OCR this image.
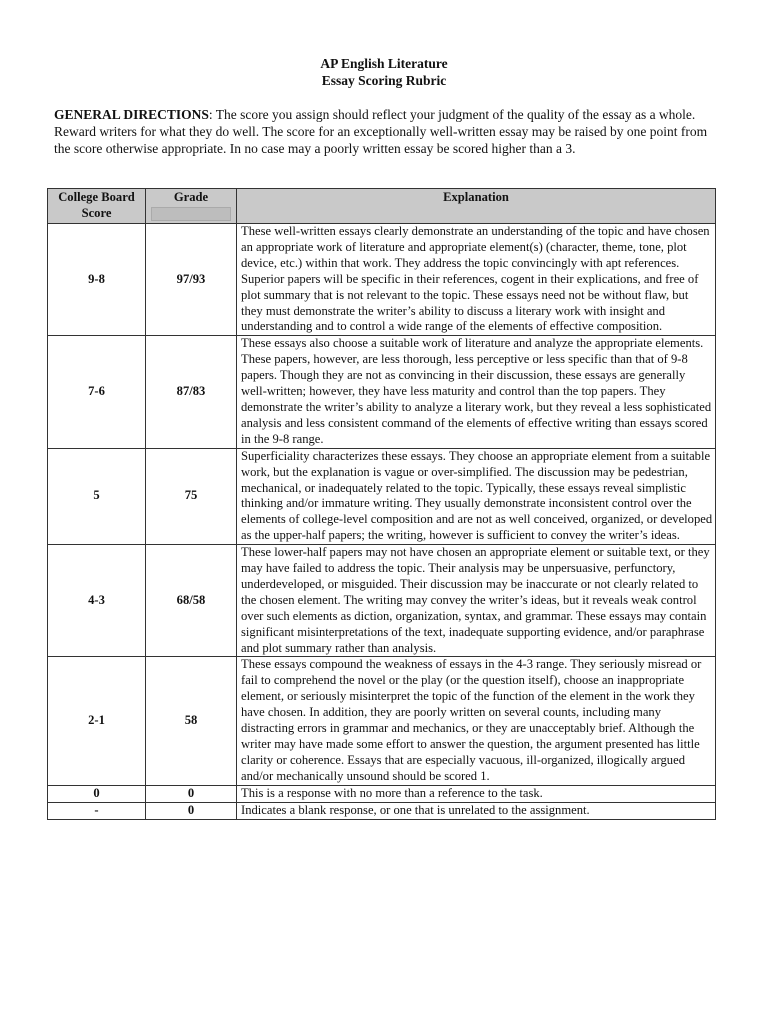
AP English Literature
Essay Scoring Rubric

GENERAL DIRECTIONS: The score you assign should reflect your judgment of the quality of the essay as a whole. Reward writers for what they do well. The score for an exceptionally well-written essay may be raised by one point from the score otherwise appropriate. In no case may a poorly written essay be scored higher than a 3.

College Board Score	Grade	Explanation

9-8	97/93	These well-written essays clearly demonstrate an understanding of the topic and have chosen an appropriate work of literature and appropriate element(s) (character, theme, tone, plot device, etc.) within that work. They address the topic convincingly with apt references. Superior papers will be specific in their references, cogent in their explications, and free of plot summary that is not relevant to the topic. These essays need not be without flaw, but they must demonstrate the writer’s ability to discuss a literary work with insight and understanding and to control a wide range of the elements of effective composition.
7-6	87/83	These essays also choose a suitable work of literature and analyze the appropriate elements. These papers, however, are less thorough, less perceptive or less specific than that of 9-8 papers. Though they are not as convincing in their discussion, these essays are generally well-written; however, they have less maturity and control than the top papers. They demonstrate the writer’s ability to analyze a literary work, but they reveal a less sophisticated analysis and less consistent command of the elements of effective writing than essays scored in the 9-8 range.
5	75	Superficiality characterizes these essays. They choose an appropriate element from a suitable work, but the explanation is vague or over-simplified. The discussion may be pedestrian, mechanical, or inadequately related to the topic. Typically, these essays reveal simplistic thinking and/or immature writing. They usually demonstrate inconsistent control over the elements of college-level composition and are not as well conceived, organized, or developed as the upper-half papers; the writing, however is sufficient to convey the writer’s ideas.
4-3	68/58	These lower-half papers may not have chosen an appropriate element or suitable text, or they may have failed to address the topic. Their analysis may be unpersuasive, perfunctory, underdeveloped, or misguided. Their discussion may be inaccurate or not clearly related to the chosen element. The writing may convey the writer’s ideas, but it reveals weak control over such elements as diction, organization, syntax, and grammar. These essays may contain significant misinterpretations of the text, inadequate supporting evidence, and/or paraphrase and plot summary rather than analysis.
2-1	58	These essays compound the weakness of essays in the 4-3 range. They seriously misread or fail to comprehend the novel or the play (or the question itself), choose an inappropriate element, or seriously misinterpret the topic of the function of the element in the work they have chosen. In addition, they are poorly written on several counts, including many distracting errors in grammar and mechanics, or they are unacceptably brief. Although the writer may have made some effort to answer the question, the argument presented has little clarity or coherence. Essays that are especially vacuous, ill-organized, illogically argued and/or mechanically unsound should be scored 1.
0	0	This is a response with no more than a reference to the task.
-	0	Indicates a blank response, or one that is unrelated to the assignment.
